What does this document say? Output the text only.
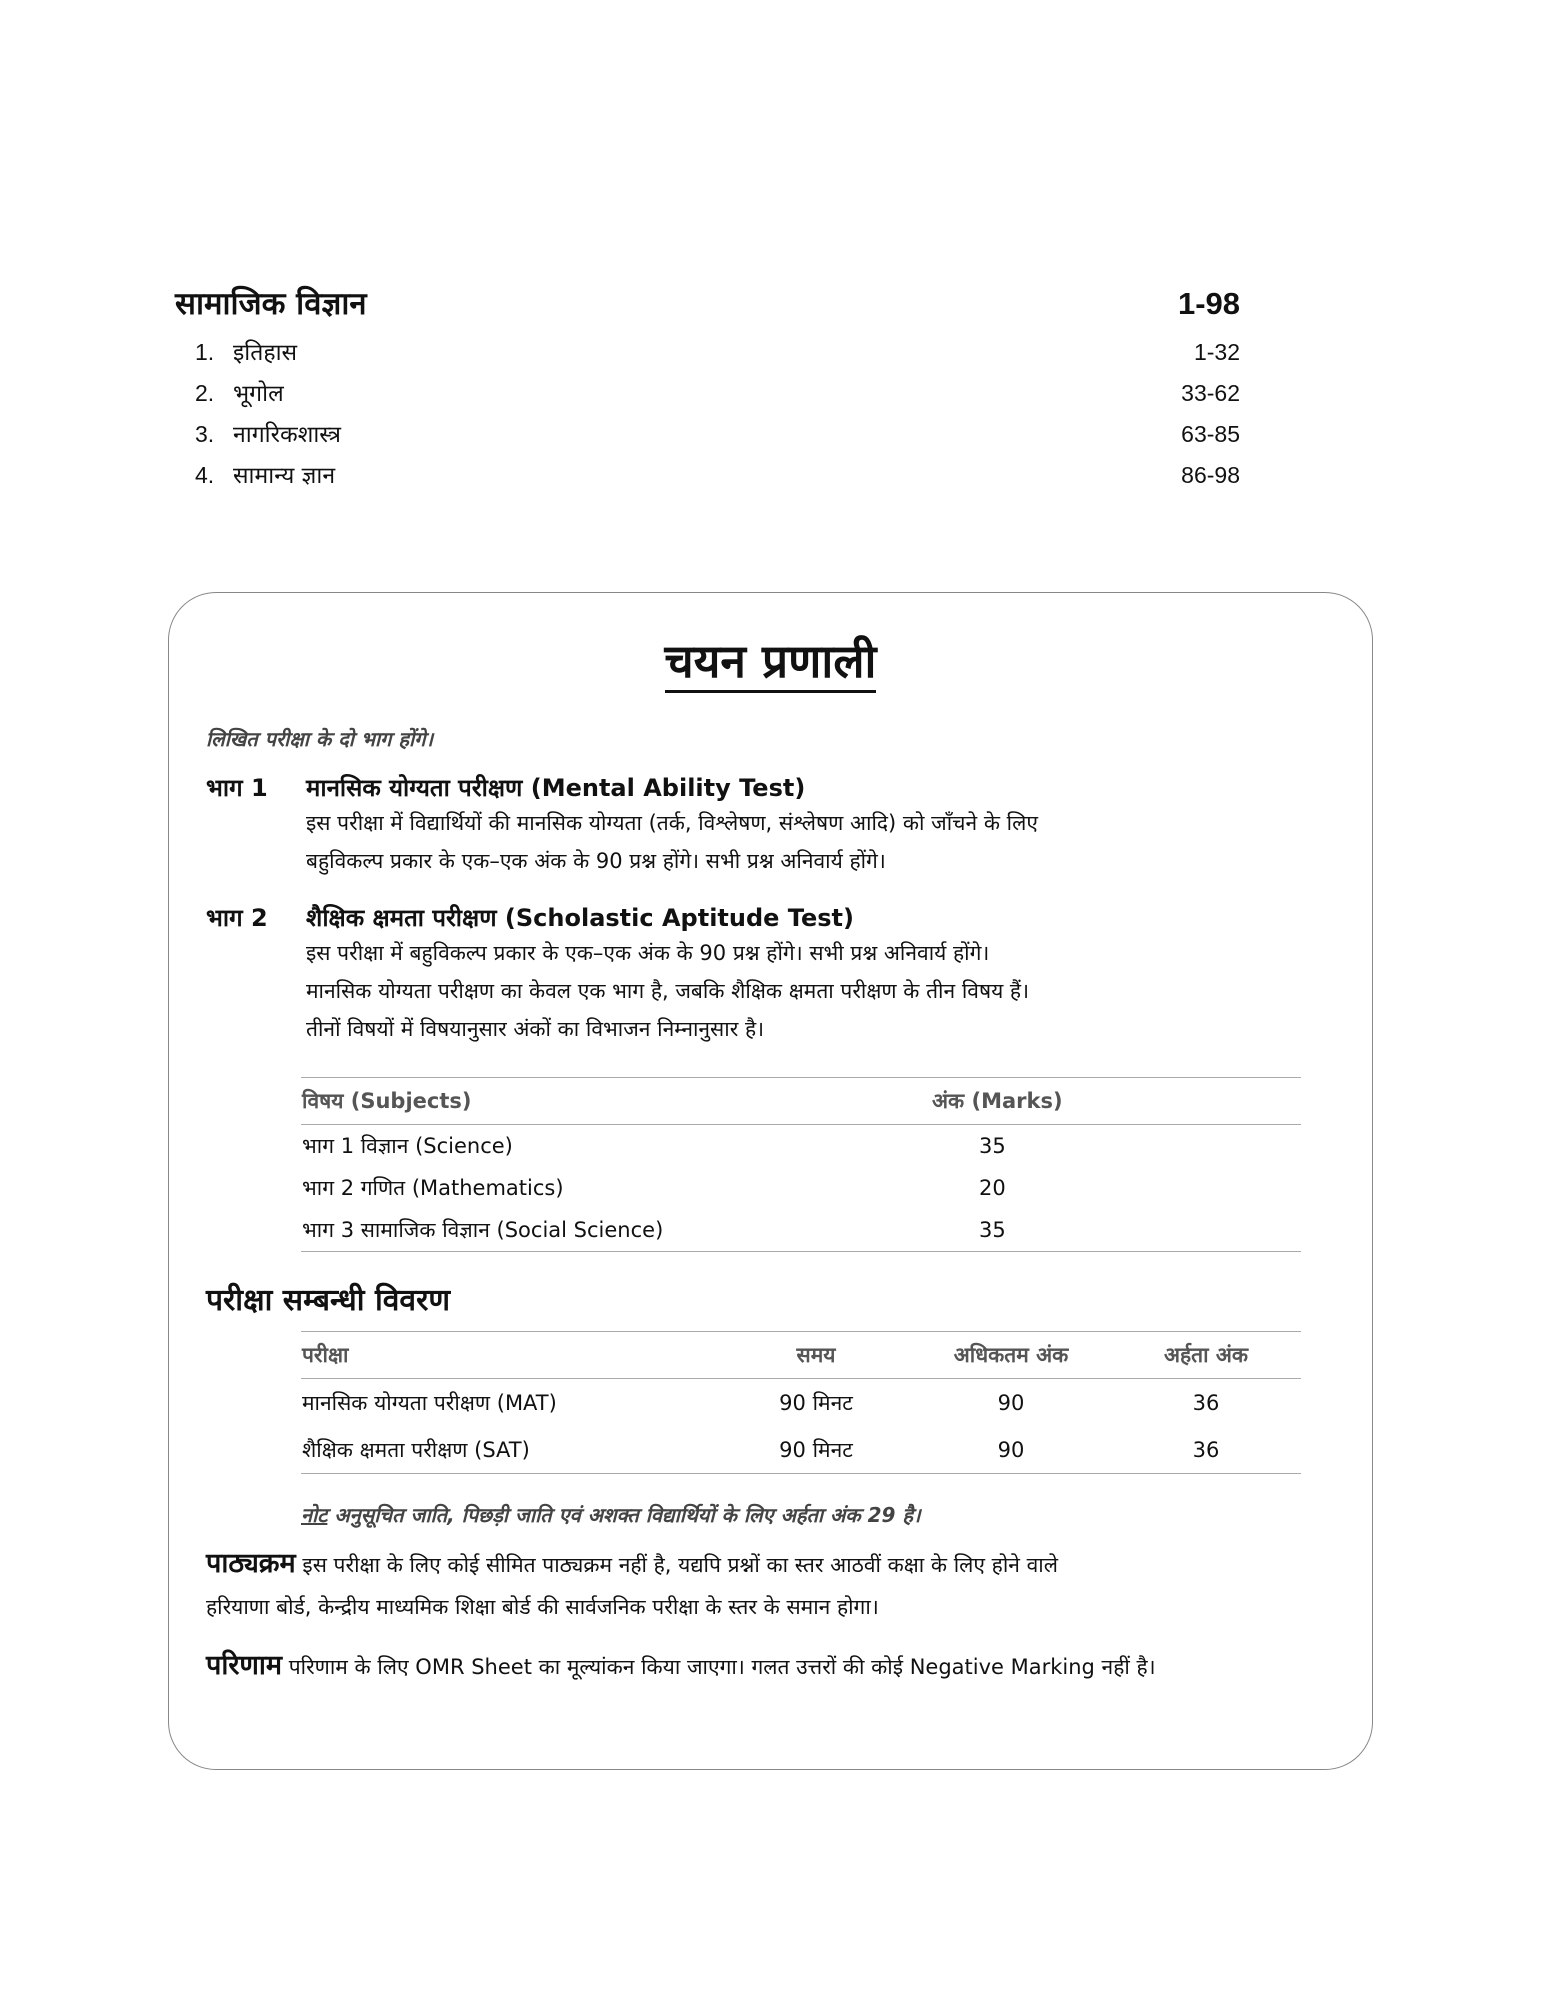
सामाजिक विज्ञान	1-98
1. इतिहास	1-32
2. भूगोल	33-62
3. नागरिकशास्त्र	63-85
4. सामान्य ज्ञान	86-98
चयन प्रणाली
लिखित परीक्षा के दो भाग होंगे।
भाग 1	मानसिक योग्यता परीक्षण (Mental Ability Test)
इस परीक्षा में विद्यार्थियों की मानसिक योग्यता (तर्क, विश्लेषण, संश्लेषण आदि) को जाँचने के लिए
बहुविकल्प प्रकार के एक–एक अंक के 90 प्रश्न होंगे। सभी प्रश्न अनिवार्य होंगे।
भाग 2	शैक्षिक क्षमता परीक्षण (Scholastic Aptitude Test)
इस परीक्षा में बहुविकल्प प्रकार के एक–एक अंक के 90 प्रश्न होंगे। सभी प्रश्न अनिवार्य होंगे।
मानसिक योग्यता परीक्षण का केवल एक भाग है, जबकि शैक्षिक क्षमता परीक्षण के तीन विषय हैं।
तीनों विषयों में विषयानुसार अंकों का विभाजन निम्नानुसार है।
विषय (Subjects)	अंक (Marks)
भाग 1 विज्ञान (Science)	35
भाग 2 गणित (Mathematics)	20
भाग 3 सामाजिक विज्ञान (Social Science)	35
परीक्षा सम्बन्धी विवरण
परीक्षा	समय	अधिकतम अंक	अर्हता अंक
मानसिक योग्यता परीक्षण (MAT)	90 मिनट	90	36
शैक्षिक क्षमता परीक्षण (SAT)	90 मिनट	90	36
नोट अनुसूचित जाति, पिछड़ी जाति एवं अशक्त विद्यार्थियों के लिए अर्हता अंक 29 है।
पाठ्यक्रम इस परीक्षा के लिए कोई सीमित पाठ्यक्रम नहीं है, यद्यपि प्रश्नों का स्तर आठवीं कक्षा के लिए होने वाले
हरियाणा बोर्ड, केन्द्रीय माध्यमिक शिक्षा बोर्ड की सार्वजनिक परीक्षा के स्तर के समान होगा।
परिणाम परिणाम के लिए OMR Sheet का मूल्यांकन किया जाएगा। गलत उत्तरों की कोई Negative Marking नहीं है।
